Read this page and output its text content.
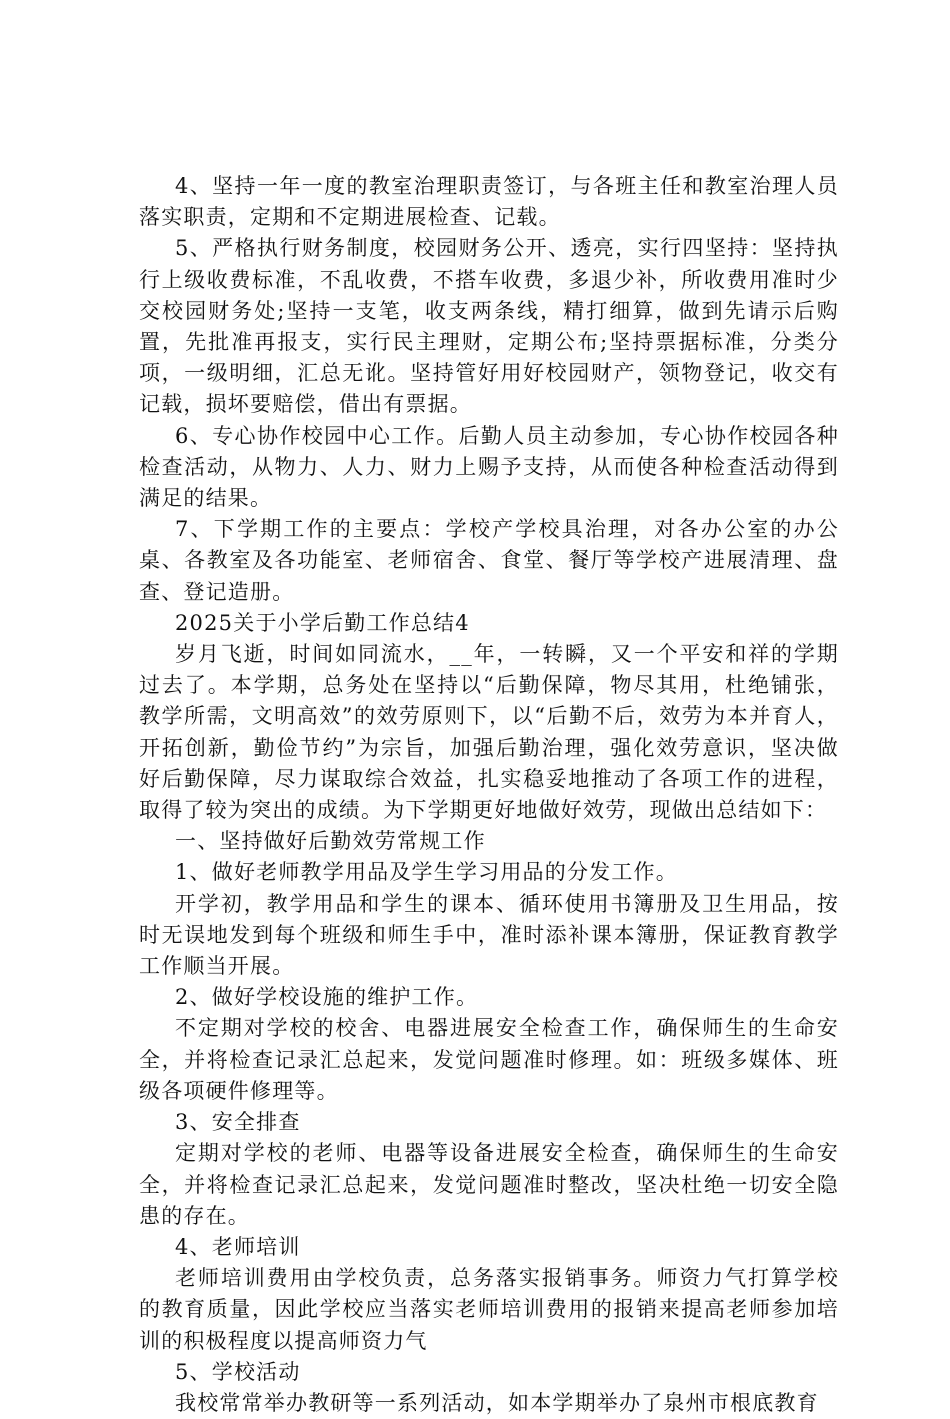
4、坚持一年一度的教室治理职责签订，与各班主任和教室治理人员落实职责，定期和不定期进展检查、记载。

5、严格执行财务制度，校园财务公开、透亮，实行四坚持：坚持执行上级收费标准，不乱收费，不搭车收费，多退少补，所收费用准时少交校园财务处;坚持一支笔，收支两条线，精打细算，做到先请示后购置，先批准再报支，实行民主理财，定期公布;坚持票据标准，分类分项，一级明细，汇总无讹。坚持管好用好校园财产，领物登记，收交有记载，损坏要赔偿，借出有票据。

6、专心协作校园中心工作。后勤人员主动参加，专心协作校园各种检查活动，从物力、人力、财力上赐予支持，从而使各种检查活动得到满足的结果。

7、下学期工作的主要点：学校产学校具治理，对各办公室的办公桌、各教室及各功能室、老师宿舍、食堂、餐厅等学校产进展清理、盘查、登记造册。

2025关于小学后勤工作总结4

岁月飞逝，时间如同流水，__年，一转瞬，又一个平安和祥的学期过去了。本学期，总务处在坚持以“后勤保障，物尽其用，杜绝铺张，教学所需，文明高效”的效劳原则下，以“后勤不后，效劳为本并育人，开拓创新，勤俭节约”为宗旨，加强后勤治理，强化效劳意识，坚决做好后勤保障，尽力谋取综合效益，扎实稳妥地推动了各项工作的进程，取得了较为突出的成绩。为下学期更好地做好效劳，现做出总结如下：

一、坚持做好后勤效劳常规工作

1、做好老师教学用品及学生学习用品的分发工作。

开学初，教学用品和学生的课本、循环使用书簿册及卫生用品，按时无误地发到每个班级和师生手中，准时添补课本簿册，保证教育教学工作顺当开展。

2、做好学校设施的维护工作。

不定期对学校的校舍、电器进展安全检查工作，确保师生的生命安全，并将检查记录汇总起来，发觉问题准时修理。如：班级多媒体、班级各项硬件修理等。

3、安全排查

定期对学校的老师、电器等设备进展安全检查，确保师生的生命安全，并将检查记录汇总起来，发觉问题准时整改，坚决杜绝一切安全隐患的存在。

4、老师培训

老师培训费用由学校负责，总务落实报销事务。师资力气打算学校的教育质量，因此学校应当落实老师培训费用的报销来提高老师参加培训的积极程度以提高师资力气

5、学校活动

我校常常举办教研等一系列活动，如本学期举办了泉州市根底教育
